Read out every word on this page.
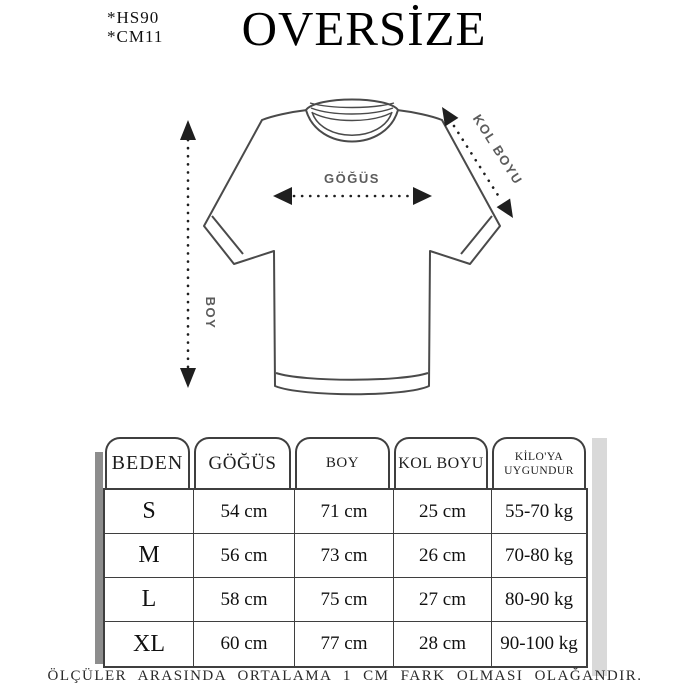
*HS90
*CM11	OVERSİZE
BOY
GÖĞÜS	KOL BOYU
BEDEN	GÖĞÜS	BOY	KOL BOYU	KİLO'YA UYGUNDUR
S	54 cm	71 cm	25 cm	55-70 kg
M	56 cm	73 cm	26 cm	70-80 kg
L	58 cm	75 cm	27 cm	80-90 kg
XL	60 cm	77 cm	28 cm	90-100 kg
ÖLÇÜLER ARASINDA ORTALAMA 1 CM FARK OLMASI OLAĞANDIR.
